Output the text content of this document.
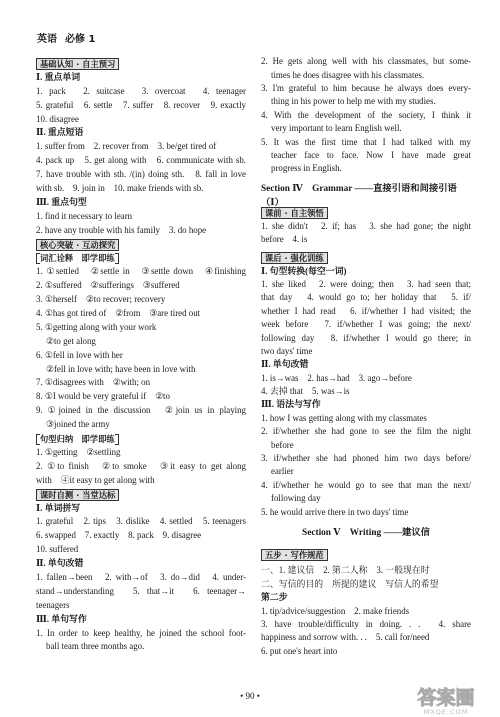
英语 必修 1
基础认知 · 自主预习
Ⅰ. 重点单词
1. pack　2. suitcase　3. overcoat　4. teenager
5. grateful　6. settle　7. suffer　8. recover　9. exactly
10. disagree
Ⅱ. 重点短语
1. suffer from　2. recover from　3. be/get tired of
4. pack up　5. get along with　6. communicate with sb.
7. have trouble with sth. /(in) doing sth.　8. fall in love
with sb.　9. join in　10. make friends with sb.
Ⅲ. 重点句型
1. find it necessary to learn
2. have any trouble with his family　3. do hope
核心突破 · 互动探究
词汇诠释　即学即练
1. ①settled　②settle in　③settle down　④finishing
2. ①suffered　②sufferings　③suffered
3. ①herself　②to recover; recovery
4. ①has got tired of　②from　③are tired out
5. ①getting along with your work
②to get along
6. ①fell in love with her
②fell in love with; have been in love with
7. ①disagrees with　②with; on
8. ①I would be very grateful if　②to
9. ①joined in the discussion　②join us in playing
③joined the army
句型归纳　即学即练
1. ①getting　②settling
2. ①to finish　②to smoke　③it easy to get along
with　④it easy to get along with
课时自测 · 当堂达标
Ⅰ. 单词拼写
1. grateful　2. tips　3. dislike　4. settled　5. teenagers
6. swapped　7. exactly　8. pack　9. disagree
10. suffered
Ⅱ. 单句改错
1. fallen→been　2. with→of　3. do→did　4. under-
stand→understanding　5. that→it　6. teenager→
teenagers
Ⅲ. 单句写作
1. In order to keep healthy, he joined the school foot-
ball team three months ago.
2. He gets along well with his classmates, but some-
times he does disagree with his classmates.
3. I'm grateful to him because he always does every-
thing in his power to help me with my studies.
4. With the development of the society, I think it
very important to learn English well.
5. It was the first time that I had talked with my
teacher face to face. Now I have made great
progress in English.
Section Ⅳ　Grammar ——直接引语和间接引语（Ⅰ）
课前 · 自主领悟
1. she didn't　2. if; has　3. she had gone; the night
before　4. is
课后 · 强化训练
Ⅰ. 句型转换(每空一词)
1. she liked　2. were doing; then　3. had seen that;
that day　4. would go to; her holiday that　5. if/
whether I had read　6. if/whether I had visited; the
week before　7. if/whether I was going; the next/
following day　8. if/whether I would go there; in
two days' time
Ⅱ. 单句改错
1. is→was　2. has→had　3. ago→before
4. 去掉 that　5. was→is
Ⅲ. 语法与写作
1. how I was getting along with my classmates
2. if/whether she had gone to see the film the night
before
3. if/whether she had phoned him two days before/
earlier
4. if/whether he would go to see that man the next/
following day
5. he would arrive there in two days' time
Section Ⅴ　Writing ——建议信
五步 · 写作规范
一、1. 建议信　2. 第二人称　3. 一般现在时
二、写信的目的　所提的建议　写信人的希望
第二步
1. tip/advice/suggestion　2. make friends
3. have trouble/difficulty in doing. . .　4. share
happiness and sorrow with. . .　5. call for/need
6. put one's heart into
• 90 •	答案圈
MXQE.COM
